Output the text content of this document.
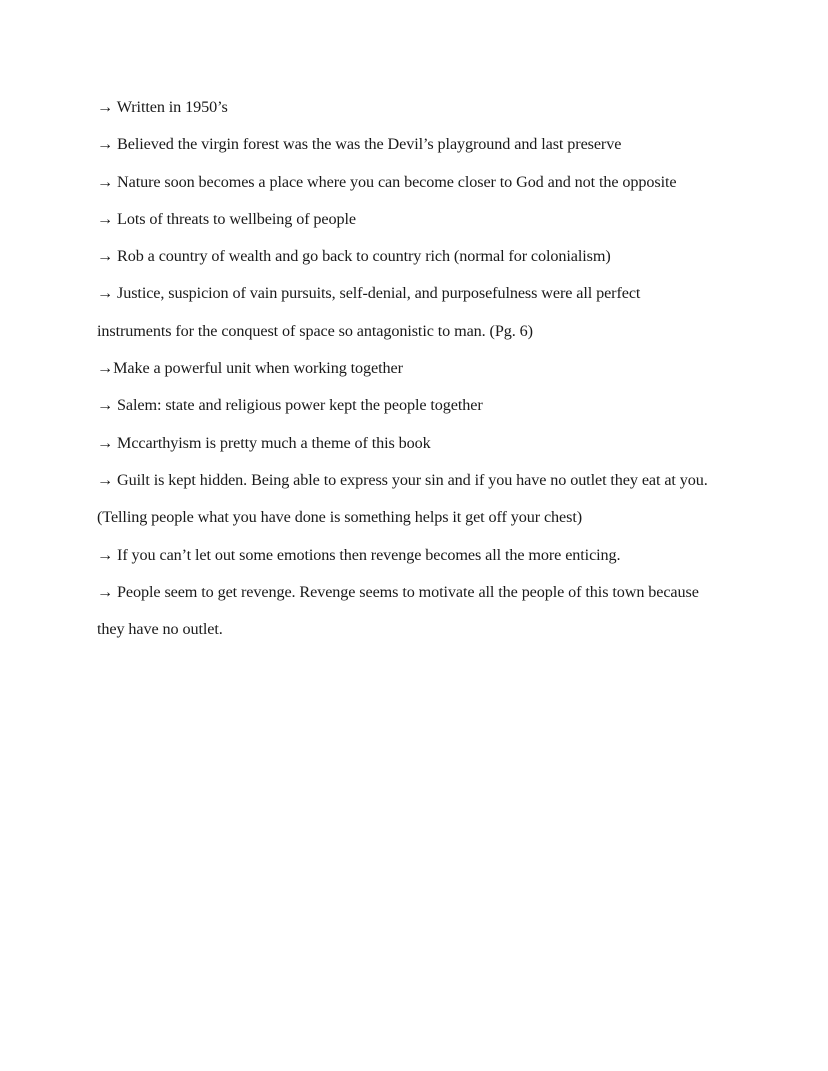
→ Written in 1950’s
→ Believed the virgin forest was the was the Devil’s playground and last preserve
→ Nature soon becomes a place where you can become closer to God and not the opposite
→ Lots of threats to wellbeing of people
→ Rob a country of wealth and go back to country rich (normal for colonialism)
→ Justice, suspicion of vain pursuits, self-denial, and purposefulness were all perfect
instruments for the conquest of space so antagonistic to man. (Pg. 6)
→Make a powerful unit when working together
→ Salem: state and religious power kept the people together
→ Mccarthyism is pretty much a theme of this book
→ Guilt is kept hidden. Being able to express your sin and if you have no outlet they eat at you.
(Telling people what you have done is something helps it get off your chest)
→ If you can’t let out some emotions then revenge becomes all the more enticing.
→ People seem to get revenge. Revenge seems to motivate all the people of this town because
they have no outlet.
